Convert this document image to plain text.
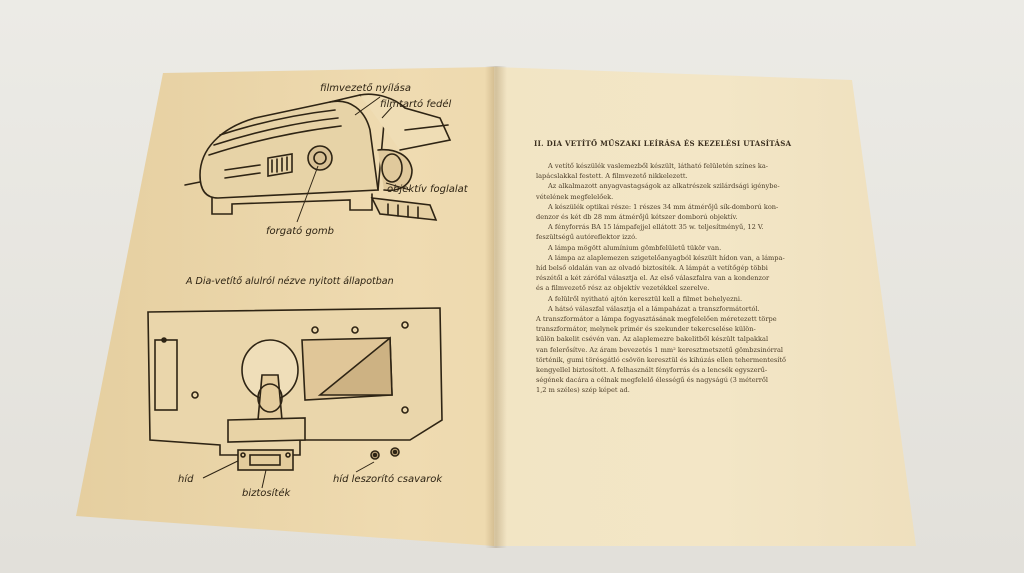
filmvezető nyílása
filmtartó fedél
objektív foglalat
forgató gomb
A Dia-vetítő alulról nézve nyitott állapotban
híd
biztosíték
híd leszorító csavarok
II. DIA VETÍTŐ MŰSZAKI LEÍRÁSA ÉS KEZELÉSI UTASÍTÁSA

A vetítő készülék vaslemezből készült, látható felületén színes ka-

lapácslakkal festett. A filmvezető nikkelezett.

Az alkalmazott anyagvastagságok az alkatrészek szilárdsági igénybe-

vételének megfelelőek.

A készülék optikai része: 1 részes 34 mm átmérőjű sík-domború kon-

denzor és két db 28 mm átmérőjű kétszer domború objektív.

A fényforrás BA 15 lámpafejjel ellátott 35 w. teljesítményű, 12 V.

feszültségű autóreflektor izzó.

A lámpa mögött alumínium gömbfelületű tükör van.

A lámpa az alaplemezen szigetelőanyagból készült hídon van, a lámpa-

híd belső oldalán van az olvadó biztosíték. A lámpát a vetítőgép többi

részétől a két zárófal választja el. Az első válaszfalra van a kondenzor

és a filmvezető rész az objektív vezetékkel szerelve.

A felülről nyitható ajtón keresztül kell a filmet behelyezni.

A hátsó válaszfal választja el a lámpaházat a transzformátortól.

A transzformátor a lámpa fogyasztásának megfelelően méretezett törpe

transzformátor, melynek primér és szekunder tekercselése külön-

külön bakelit csévén van. Az alaplemezre bakelitből készült talpakkal

van felerősítve. Az áram bevezetés 1 mm² keresztmetszetű gömbzsinórral

történik, gumi törésgátló csövön keresztül és kihúzás ellen tehermentesítő

kengyellel biztosított. A felhasznált fényforrás és a lencsék egyszerű-

ségének dacára a célnak megfelelő élességű és nagyságú (3 méterről

1,2 m széles) szép képet ad.
